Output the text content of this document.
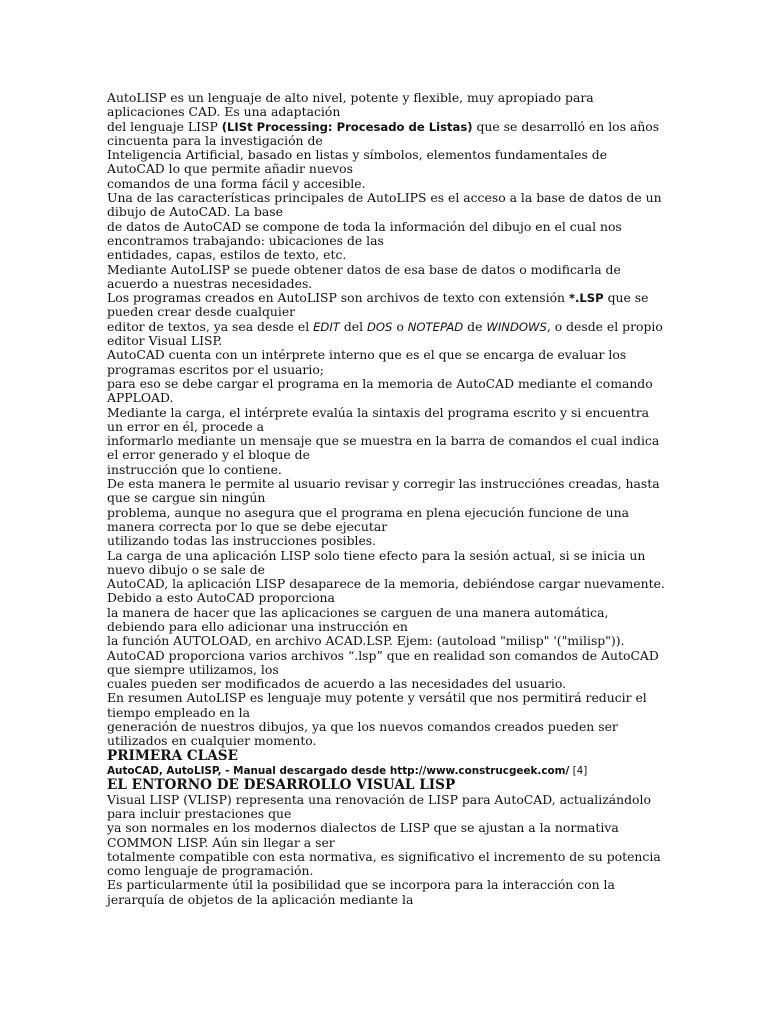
AutoLISP es un lenguaje de alto nivel, potente y flexible, muy apropiado para aplicaciones CAD. Es una adaptación

del lenguaje LISP (LISt Processing: Procesado de Listas) que se desarrolló en los años cincuenta para la investigación de

Inteligencia Artificial, basado en listas y símbolos, elementos fundamentales de AutoCAD lo que permite añadir nuevos

comandos de una forma fácil y accesible.

Una de las características principales de AutoLIPS es el acceso a la base de datos de un dibujo de AutoCAD. La base

de datos de AutoCAD se compone de toda la información del dibujo en el cual nos encontramos trabajando: ubicaciones de las

entidades, capas, estilos de texto, etc.

Mediante AutoLISP se puede obtener datos de esa base de datos o modificarla de acuerdo a nuestras necesidades.

Los programas creados en AutoLISP son archivos de texto con extensión *.LSP que se pueden crear desde cualquier

editor de textos, ya sea desde el EDIT del DOS o NOTEPAD de WINDOWS, o desde el propio editor Visual LISP.

AutoCAD cuenta con un intérprete interno que es el que se encarga de evaluar los programas escritos por el usuario;

para eso se debe cargar el programa en la memoria de AutoCAD mediante el comando APPLOAD.

Mediante la carga, el intérprete evalúa la sintaxis del programa escrito y si encuentra un error en él, procede a

informarlo mediante un mensaje que se muestra en la barra de comandos el cual indica el error generado y el bloque de

instrucción que lo contiene.

De esta manera le permite al usuario revisar y corregir las instrucciónes creadas, hasta que se cargue sin ningún

problema, aunque no asegura que el programa en plena ejecución funcione de una manera correcta por lo que se debe ejecutar

utilizando todas las instrucciones posibles.

La carga de una aplicación LISP solo tiene efecto para la sesión actual, si se inicia un nuevo dibujo o se sale de

AutoCAD, la aplicación LISP desaparece de la memoria, debiéndose cargar nuevamente. Debido a esto AutoCAD proporciona

la manera de hacer que las aplicaciones se carguen de una manera automática, debiendo para ello adicionar una instrucción en

la función AUTOLOAD, en archivo ACAD.LSP. Ejem: (autoload "milisp" '("milisp")).

AutoCAD proporciona varios archivos “.lsp” que en realidad son comandos de AutoCAD que siempre utilizamos, los

cuales pueden ser modificados de acuerdo a las necesidades del usuario.

En resumen AutoLISP es lenguaje muy potente y versátil que nos permitirá reducir el tiempo empleado en la

generación de nuestros dibujos, ya que los nuevos comandos creados pueden ser utilizados en cualquier momento.

PRIMERA CLASE

AutoCAD, AutoLISP, - Manual descargado desde http://www.construcgeek.com/ [4]

EL ENTORNO DE DESARROLLO VISUAL LISP

Visual LISP (VLISP) representa una renovación de LISP para AutoCAD, actualizándolo para incluir prestaciones que

ya son normales en los modernos dialectos de LISP que se ajustan a la normativa COMMON LISP. Aún sin llegar a ser

totalmente compatible con esta normativa, es significativo el incremento de su potencia como lenguaje de programación.

Es particularmente útil la posibilidad que se incorpora para la interacción con la jerarquía de objetos de la aplicación mediante la
